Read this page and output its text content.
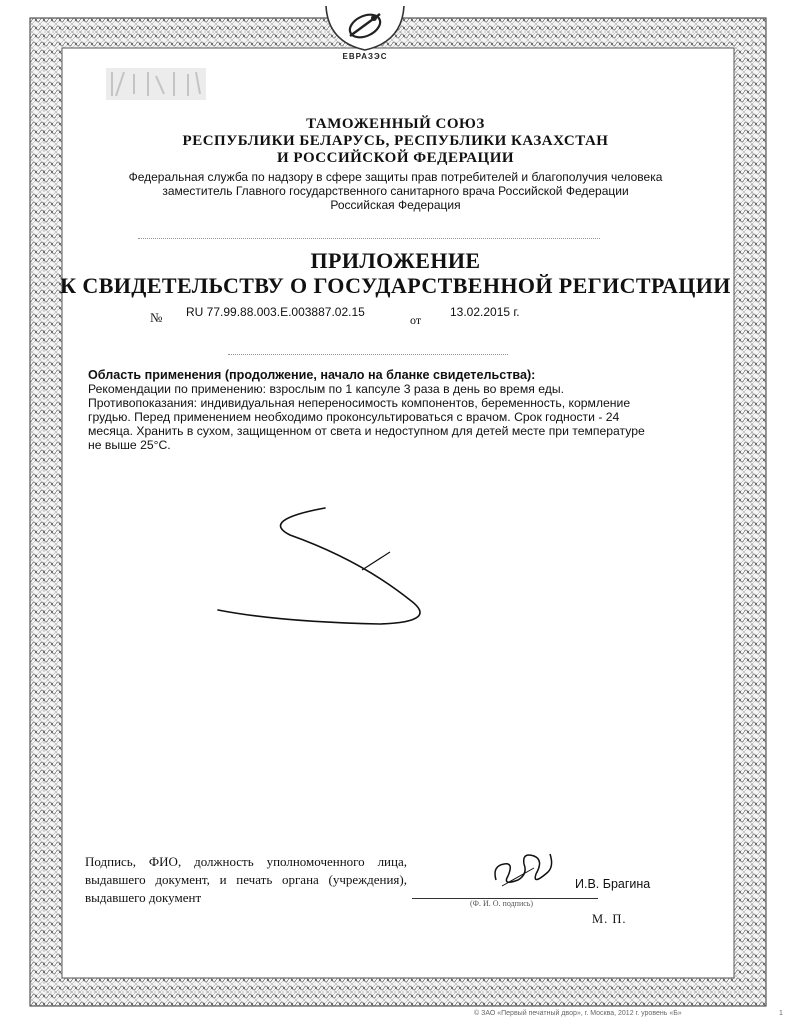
ЕВРАЗЭС
ТАМОЖЕННЫЙ СОЮЗ
РЕСПУБЛИКИ БЕЛАРУСЬ, РЕСПУБЛИКИ КАЗАХСТАН
И РОССИЙСКОЙ ФЕДЕРАЦИИ
Федеральная служба по надзору в сфере защиты прав потребителей и благополучия человека
заместитель Главного государственного санитарного врача Российской Федерации
Российская Федерация
ПРИЛОЖЕНИЕ
К СВИДЕТЕЛЬСТВУ О ГОСУДАРСТВЕННОЙ РЕГИСТРАЦИИ
№ RU 77.99.88.003.Е.003887.02.15
от
13.02.2015 г.
Область применения (продолжение, начало на бланке свидетельства):

Рекомендации по применению: взрослым по 1 капсуле 3 раза в день во время еды.

Противопоказания: индивидуальная непереносимость компонентов, беременность, кормление

грудью. Перед применением необходимо проконсультироваться с врачом. Срок годности - 24

месяца. Хранить в сухом, защищенном от света и недоступном для детей месте при температуре

не выше 25°С.

Подпись, ФИО, должность уполномоченного лица, выдавшего документ, и печать органа (учреждения), выдавшего документ
И.В. Брагина
(Ф. И. О. подпись)
М. П.
© ЗАО «Первый печатный двор», г. Москва, 2012 г. уровень «Б»	1
